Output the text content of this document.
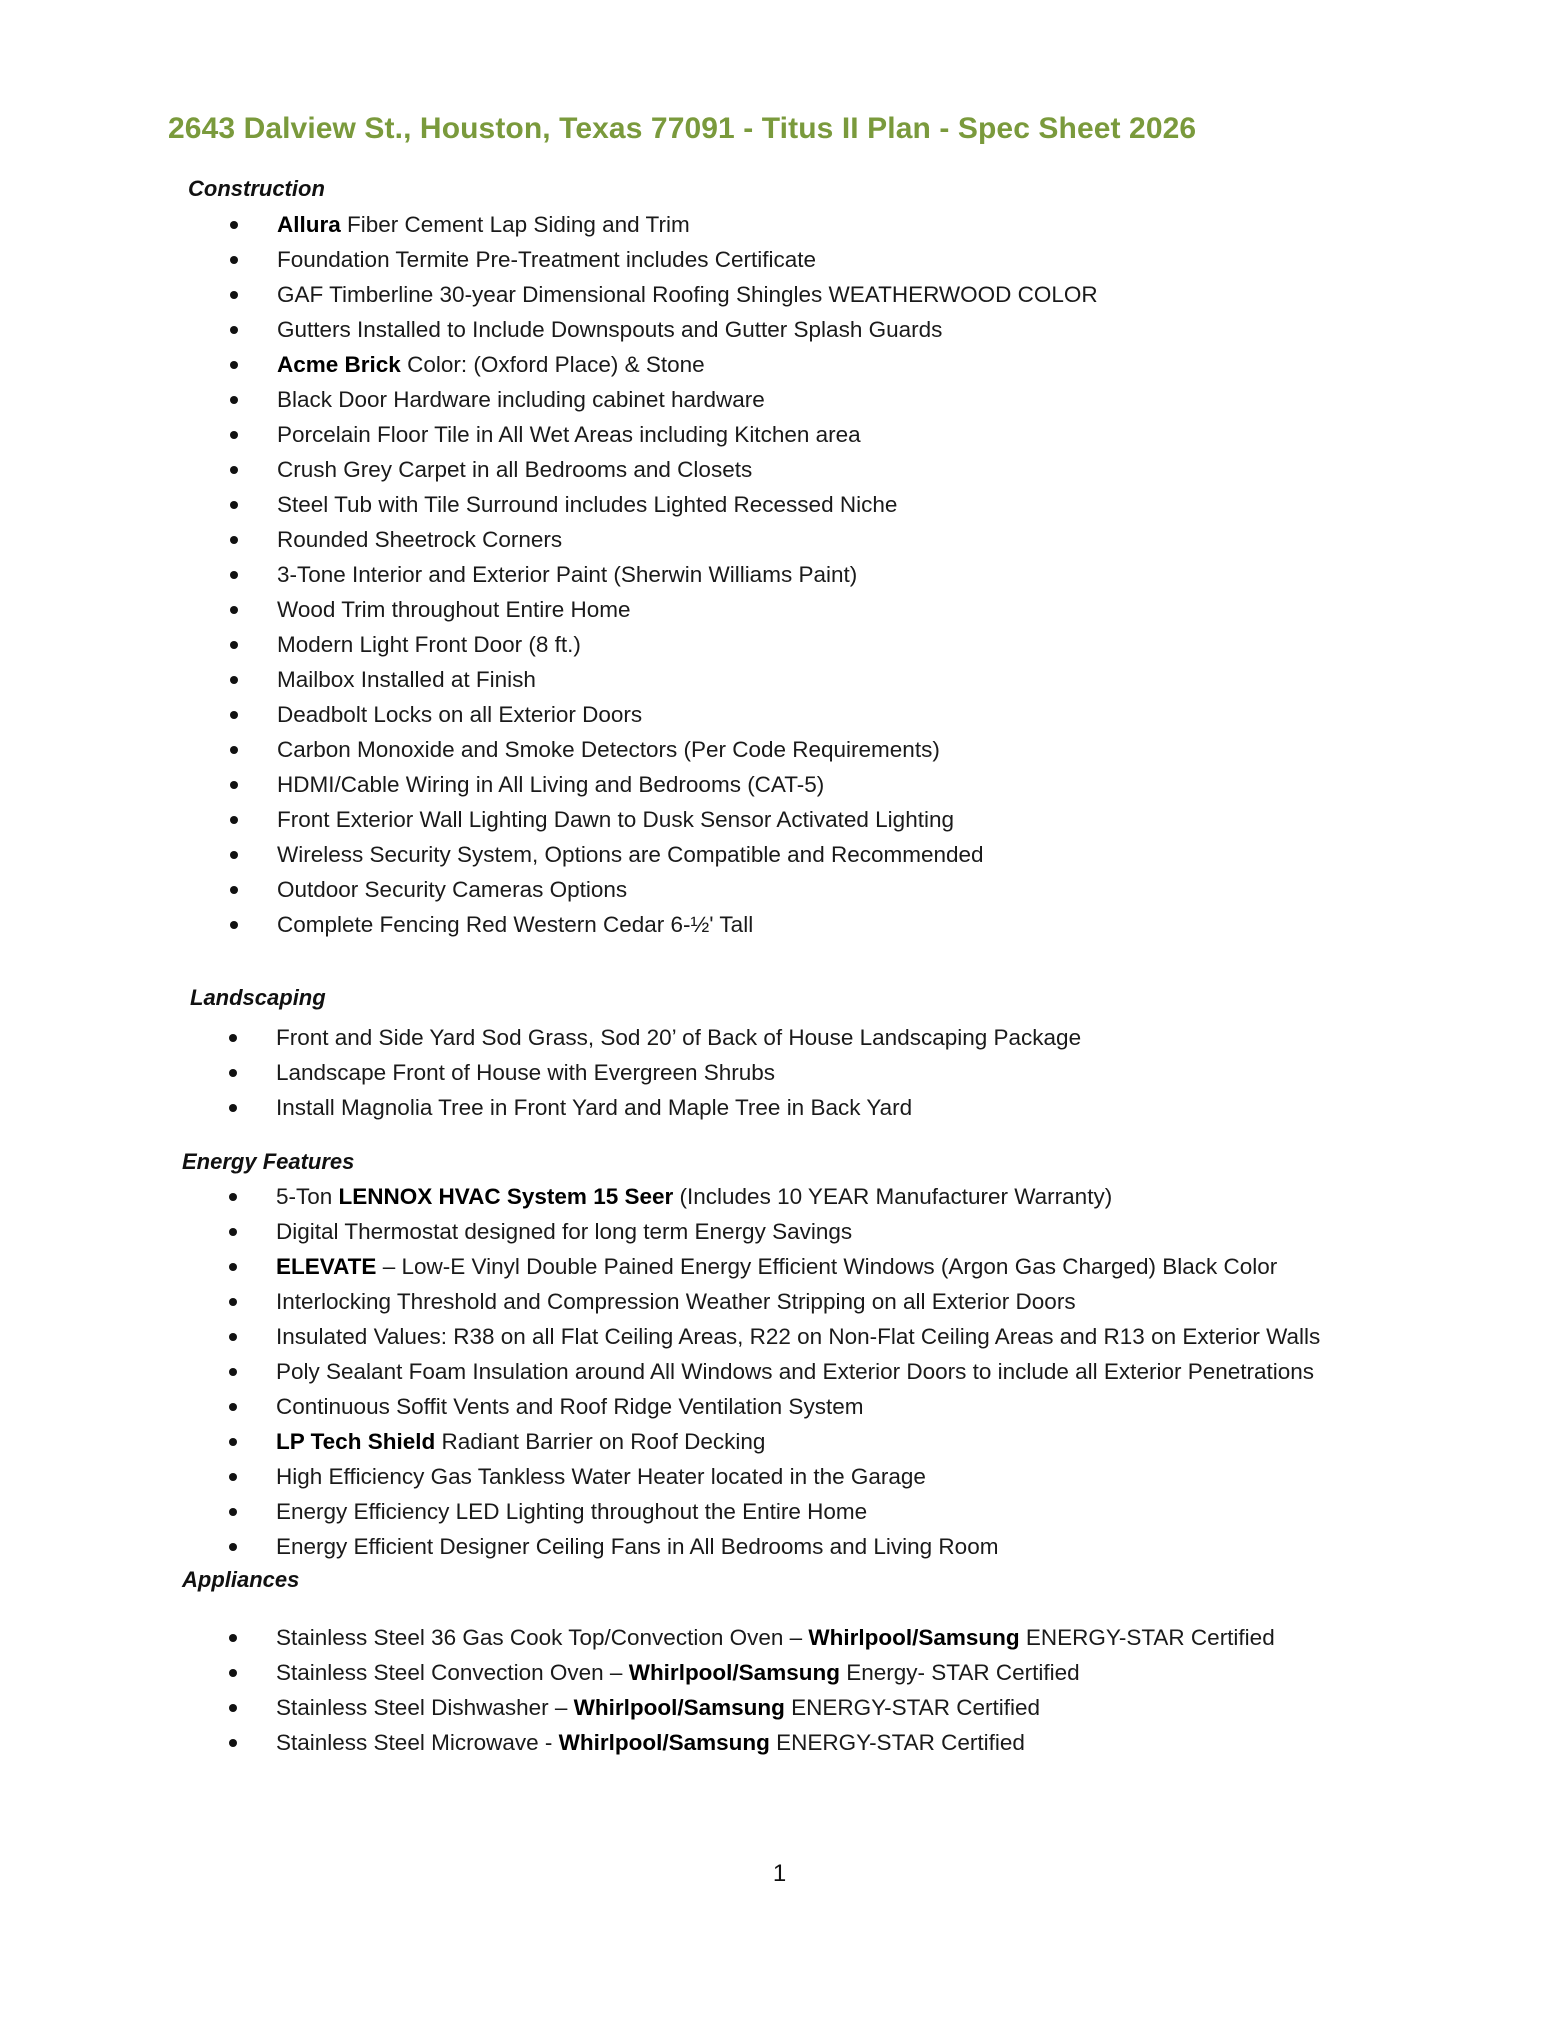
2643 Dalview St., Houston, Texas 77091 - Titus II Plan - Spec Sheet 2026
Construction
Allura Fiber Cement Lap Siding and Trim
Foundation Termite Pre-Treatment includes Certificate
GAF Timberline 30-year Dimensional Roofing Shingles WEATHERWOOD COLOR
Gutters Installed to Include Downspouts and Gutter Splash Guards
Acme Brick Color: (Oxford Place) & Stone
Black Door Hardware including cabinet hardware
Porcelain Floor Tile in All Wet Areas including Kitchen area
Crush Grey Carpet in all Bedrooms and Closets
Steel Tub with Tile Surround includes Lighted Recessed Niche
Rounded Sheetrock Corners
3-Tone Interior and Exterior Paint (Sherwin Williams Paint)
Wood Trim throughout Entire Home
Modern Light Front Door (8 ft.)
Mailbox Installed at Finish
Deadbolt Locks on all Exterior Doors
Carbon Monoxide and Smoke Detectors (Per Code Requirements)
HDMI/Cable Wiring in All Living and Bedrooms (CAT-5)
Front Exterior Wall Lighting Dawn to Dusk Sensor Activated Lighting
Wireless Security System, Options are Compatible and Recommended
Outdoor Security Cameras Options
Complete Fencing Red Western Cedar 6-½' Tall
Landscaping
Front and Side Yard Sod Grass, Sod 20’ of Back of House Landscaping Package
Landscape Front of House with Evergreen Shrubs
Install Magnolia Tree in Front Yard and Maple Tree in Back Yard
Energy Features
5-Ton LENNOX HVAC System 15 Seer (Includes 10 YEAR Manufacturer Warranty)
Digital Thermostat designed for long term Energy Savings
ELEVATE – Low-E Vinyl Double Pained Energy Efficient Windows (Argon Gas Charged) Black Color
Interlocking Threshold and Compression Weather Stripping on all Exterior Doors
Insulated Values: R38 on all Flat Ceiling Areas, R22 on Non-Flat Ceiling Areas and R13 on Exterior Walls
Poly Sealant Foam Insulation around All Windows and Exterior Doors to include all Exterior Penetrations
Continuous Soffit Vents and Roof Ridge Ventilation System
LP Tech Shield Radiant Barrier on Roof Decking
High Efficiency Gas Tankless Water Heater located in the Garage
Energy Efficiency LED Lighting throughout the Entire Home
Energy Efficient Designer Ceiling Fans in All Bedrooms and Living Room
Appliances
Stainless Steel 36 Gas Cook Top/Convection Oven – Whirlpool/Samsung ENERGY-STAR Certified
Stainless Steel Convection Oven – Whirlpool/Samsung Energy- STAR Certified
Stainless Steel Dishwasher – Whirlpool/Samsung ENERGY-STAR Certified
Stainless Steel Microwave - Whirlpool/Samsung ENERGY-STAR Certified
1
